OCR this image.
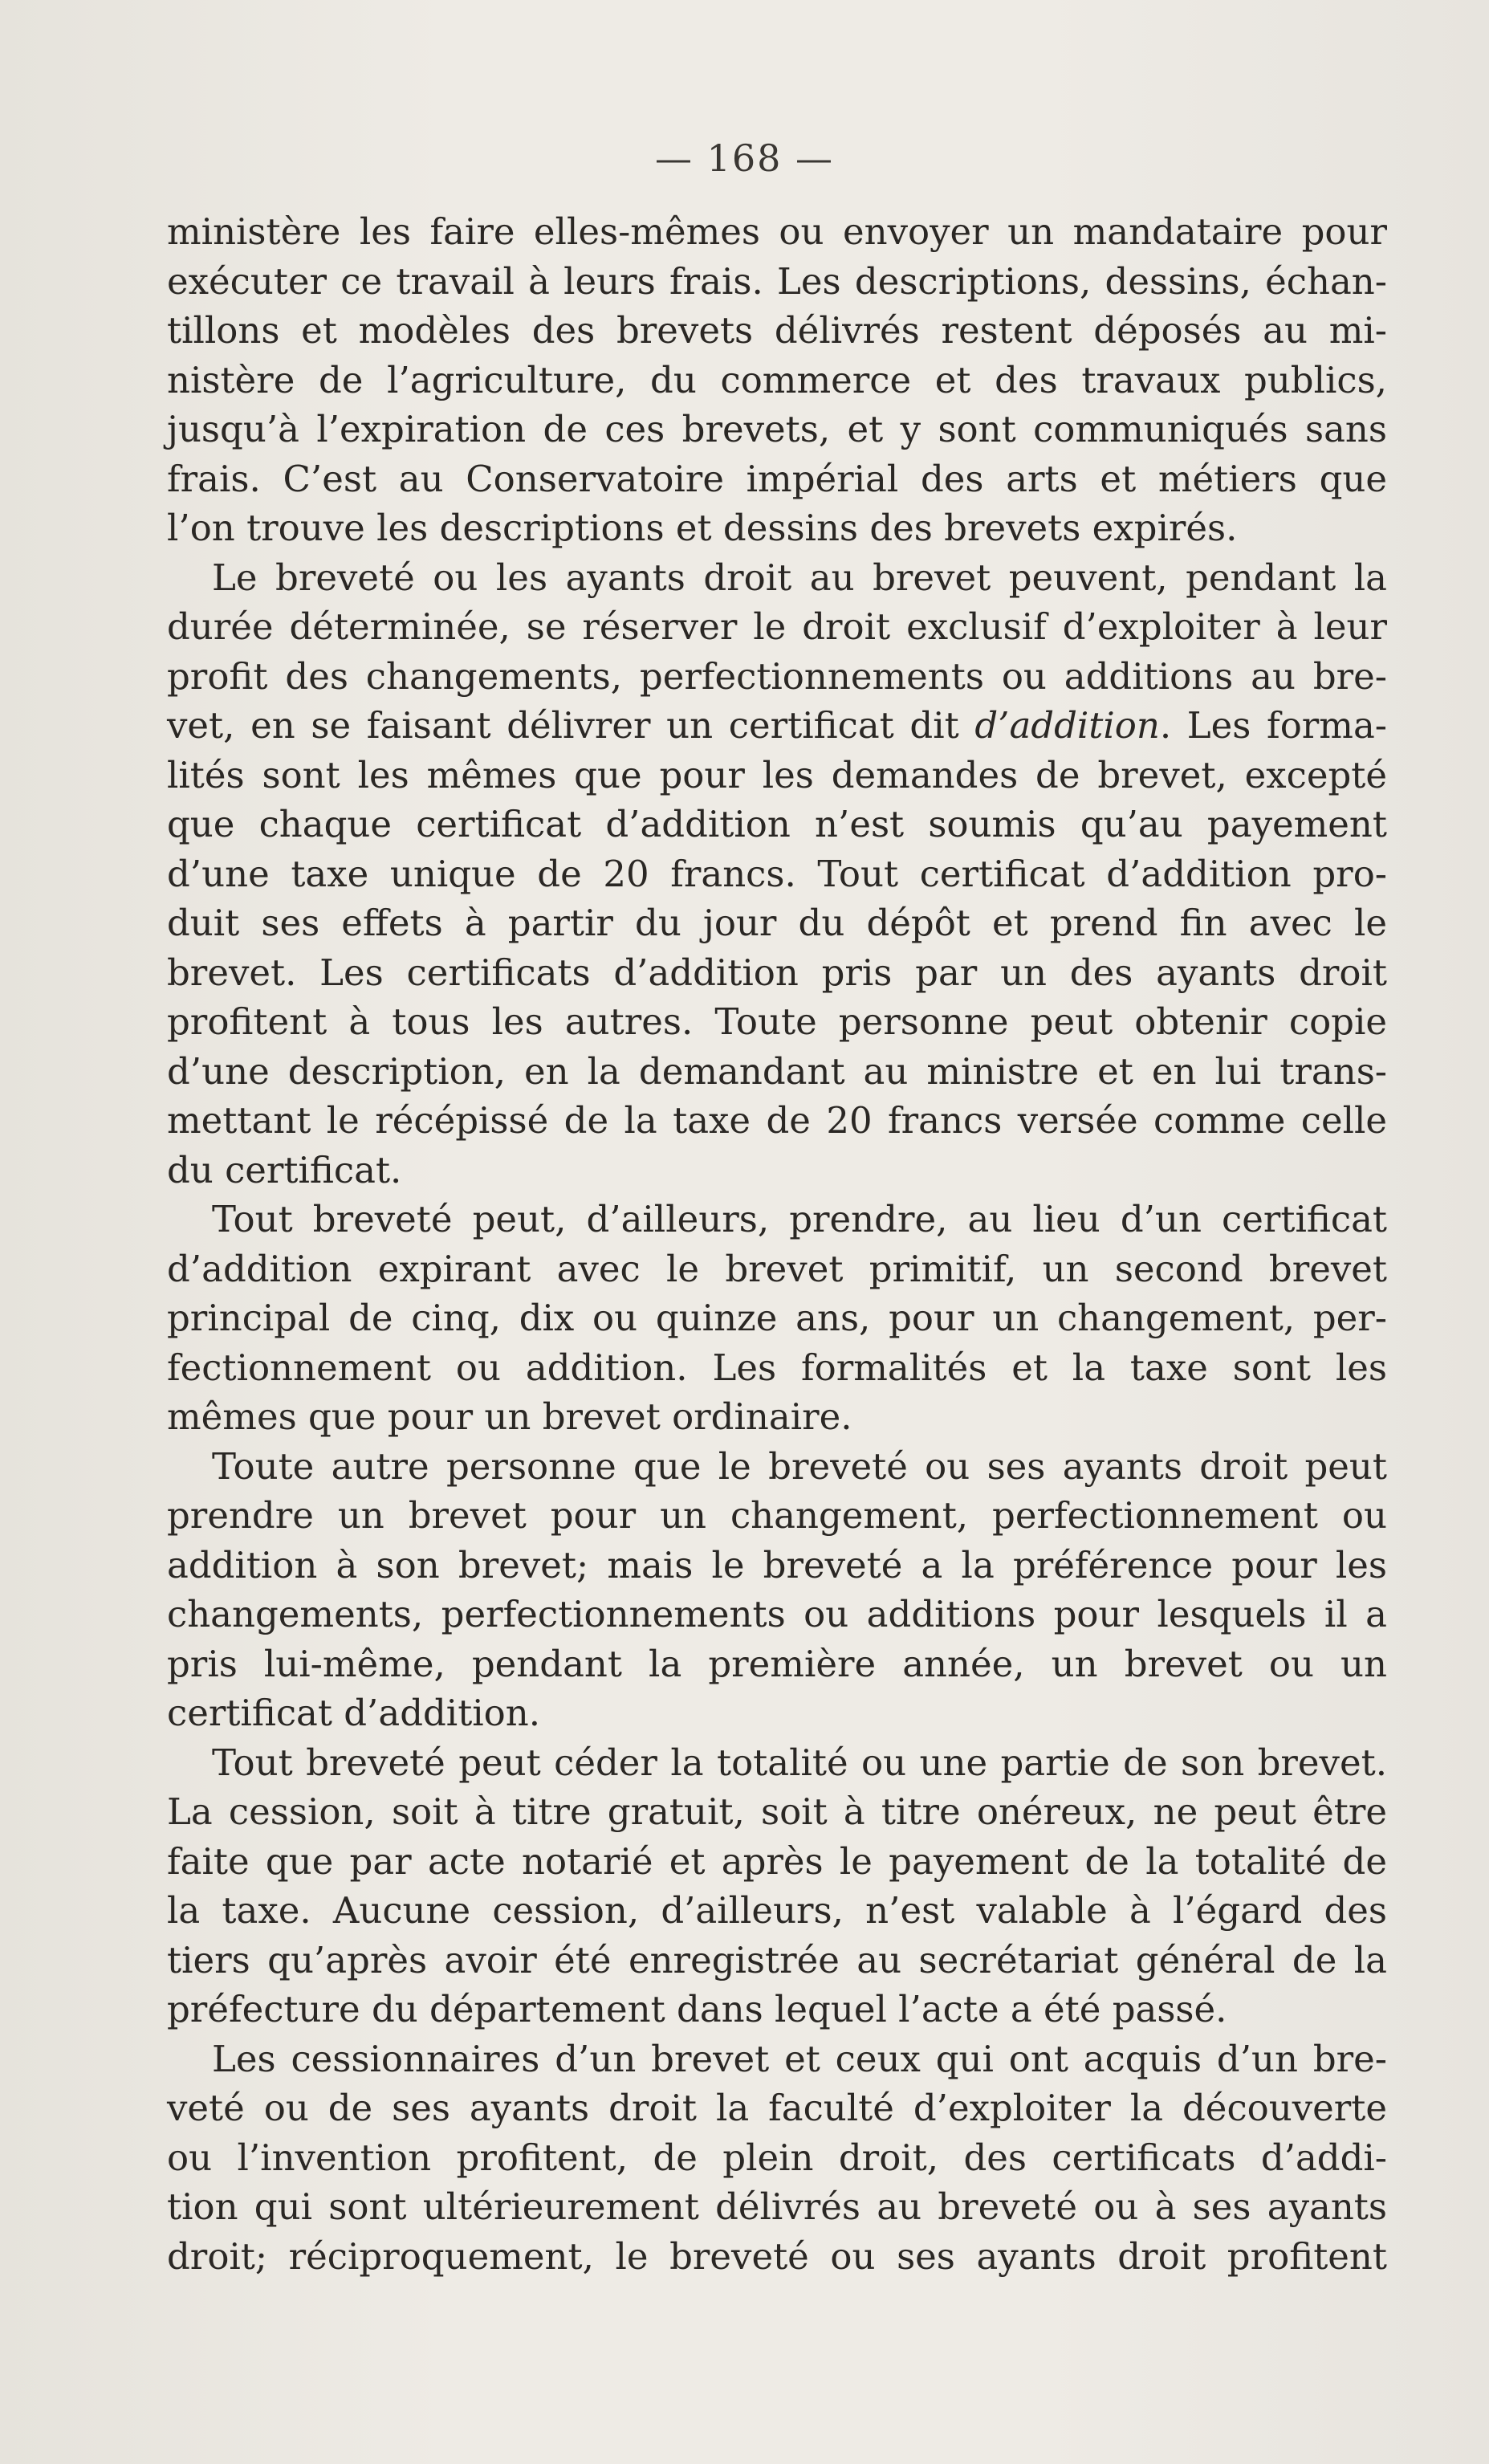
— 168 —
ministère les faire elles-mêmes ou envoyer un mandataire pour
exécuter ce travail à leurs frais. Les descriptions, dessins, échan-
tillons et modèles des brevets délivrés restent déposés au mi-
nistère de l’agriculture, du commerce et des travaux publics,
jusqu’à l’expiration de ces brevets, et y sont communiqués sans
frais. C’est au Conservatoire impérial des arts et métiers que
l’on trouve les descriptions et dessins des brevets expirés.
Le breveté ou les ayants droit au brevet peuvent, pendant la
durée déterminée, se réserver le droit exclusif d’exploiter à leur
profit des changements, perfectionnements ou additions au bre-
vet, en se faisant délivrer un certificat dit d’addition. Les forma-
lités sont les mêmes que pour les demandes de brevet, excepté
que chaque certificat d’addition n’est soumis qu’au payement
d’une taxe unique de 20 francs. Tout certificat d’addition pro-
duit ses effets à partir du jour du dépôt et prend fin avec le
brevet. Les certificats d’addition pris par un des ayants droit
profitent à tous les autres. Toute personne peut obtenir copie
d’une description, en la demandant au ministre et en lui trans-
mettant le récépissé de la taxe de 20 francs versée comme celle
du certificat.
Tout breveté peut, d’ailleurs, prendre, au lieu d’un certificat
d’addition expirant avec le brevet primitif, un second brevet
principal de cinq, dix ou quinze ans, pour un changement, per-
fectionnement ou addition. Les formalités et la taxe sont les
mêmes que pour un brevet ordinaire.
Toute autre personne que le breveté ou ses ayants droit peut
prendre un brevet pour un changement, perfectionnement ou
addition à son brevet; mais le breveté a la préférence pour les
changements, perfectionnements ou additions pour lesquels il a
pris lui-même, pendant la première année, un brevet ou un
certificat d’addition.
Tout breveté peut céder la totalité ou une partie de son brevet.
La cession, soit à titre gratuit, soit à titre onéreux, ne peut être
faite que par acte notarié et après le payement de la totalité de
la taxe. Aucune cession, d’ailleurs, n’est valable à l’égard des
tiers qu’après avoir été enregistrée au secrétariat général de la
préfecture du département dans lequel l’acte a été passé.
Les cessionnaires d’un brevet et ceux qui ont acquis d’un bre-
veté ou de ses ayants droit la faculté d’exploiter la découverte
ou l’invention profitent, de plein droit, des certificats d’addi-
tion qui sont ultérieurement délivrés au breveté ou à ses ayants
droit; réciproquement, le breveté ou ses ayants droit profitent
